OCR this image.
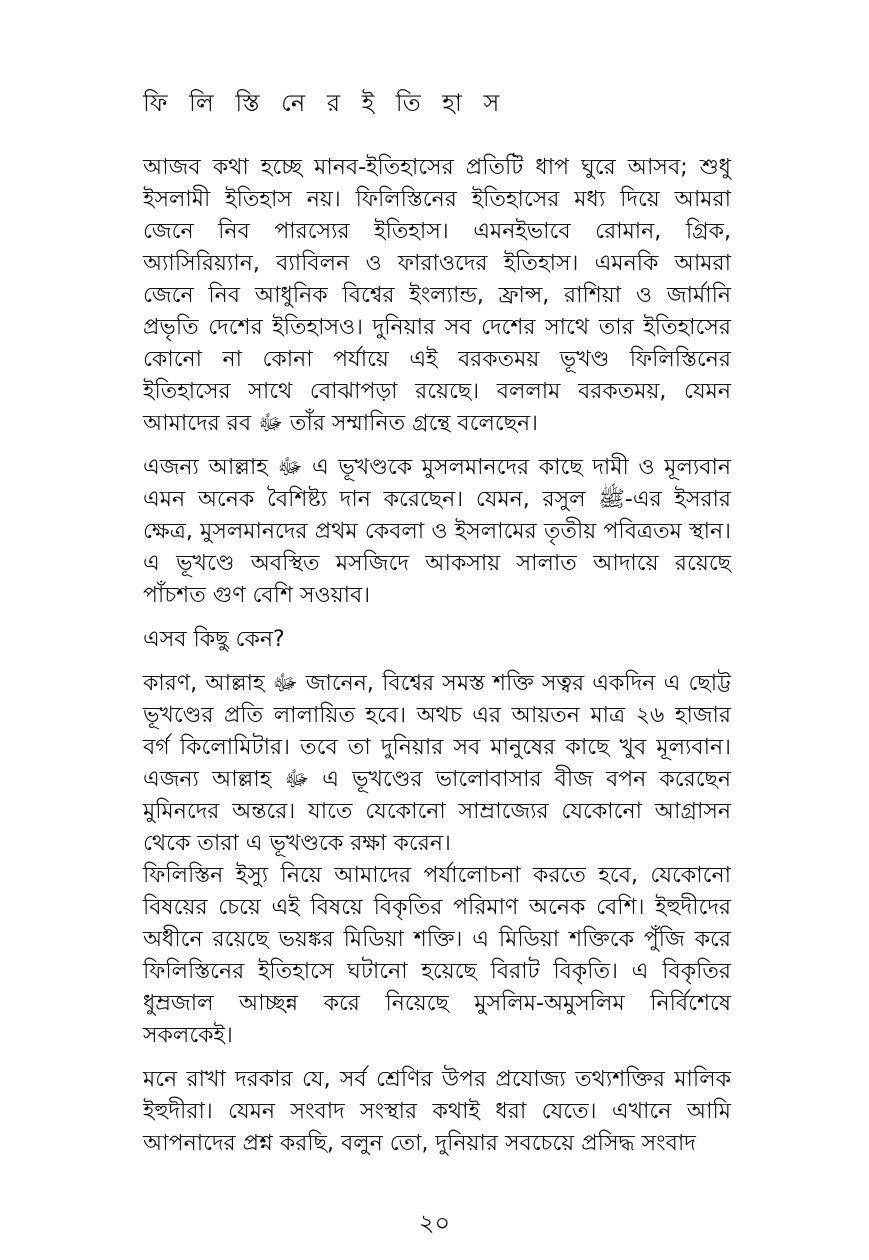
ফি লি স্তি নে র ই তি হা স

আজব কথা হচ্ছে মানব-ইতিহাসের প্রতিটি ধাপ ঘুরে আসব; শুধু ইসলামী ইতিহাস নয়। ফিলিস্তিনের ইতিহাসের মধ্য দিয়ে আমরা জেনে নিব পারস্যের ইতিহাস। এমনইভাবে রোমান, গ্রিক, অ্যাসিরিয়্যান, ব্যাবিলন ও ফারাওদের ইতিহাস। এমনকি আমরা জেনে নিব আধুনিক বিশ্বের ইংল্যান্ড, ফ্রান্স, রাশিয়া ও জার্মানি প্রভৃতি দেশের ইতিহাসও। দুনিয়ার সব দেশের সাথে তার ইতিহাসের কোনো না কোনা পর্যায়ে এই বরকতময় ভূখণ্ড ফিলিস্তিনের ইতিহাসের সাথে বোঝাপড়া রয়েছে। বললাম বরকতময়, যেমন আমাদের রব ﷻ তাঁর সম্মানিত গ্রন্থে বলেছেন।

এজন্য আল্লাহ ﷻ এ ভূখণ্ডকে মুসলমানদের কাছে দামী ও মূল্যবান এমন অনেক বৈশিষ্ট্য দান করেছেন। যেমন, রসুল ﷺ-এর ইসরার ক্ষেত্র, মুসলমানদের প্রথম কেবলা ও ইসলামের তৃতীয় পবিত্রতম স্থান। এ ভূখণ্ডে অবস্থিত মসজিদে আকসায় সালাত আদায়ে রয়েছে পাঁচশত গুণ বেশি সওয়াব।

এসব কিছু কেন?

কারণ, আল্লাহ ﷻ জানেন, বিশ্বের সমস্ত শক্তি সত্বর একদিন এ ছোট্ট ভূখণ্ডের প্রতি লালায়িত হবে। অথচ এর আয়তন মাত্র ২৬ হাজার বর্গ কিলোমিটার। তবে তা দুনিয়ার সব মানুষের কাছে খুব মূল্যবান। এজন্য আল্লাহ ﷻ এ ভূখণ্ডের ভালোবাসার বীজ বপন করেছেন মুমিনদের অন্তরে। যাতে যেকোনো সাম্রাজ্যের যেকোনো আগ্রাসন থেকে তারা এ ভূখণ্ডকে রক্ষা করেন।

ফিলিস্তিন ইস্যু নিয়ে আমাদের পর্যালোচনা করতে হবে, যেকোনো বিষয়ের চেয়ে এই বিষয়ে বিকৃতির পরিমাণ অনেক বেশি। ইহুদীদের অধীনে রয়েছে ভয়ঙ্কর মিডিয়া শক্তি। এ মিডিয়া শক্তিকে পুঁজি করে ফিলিস্তিনের ইতিহাসে ঘটানো হয়েছে বিরাট বিকৃতি। এ বিকৃতির ধুম্রজাল আচ্ছন্ন করে নিয়েছে মুসলিম-অমুসলিম নির্বিশেষে সকলকেই।

মনে রাখা দরকার যে, সর্ব শ্রেণির উপর প্রযোজ্য তথ্যশক্তির মালিক ইহুদীরা। যেমন সংবাদ সংস্থার কথাই ধরা যেতে। এখানে আমি আপনাদের প্রশ্ন করছি, বলুন তো, দুনিয়ার সবচেয়ে প্রসিদ্ধ সংবাদ

২০
